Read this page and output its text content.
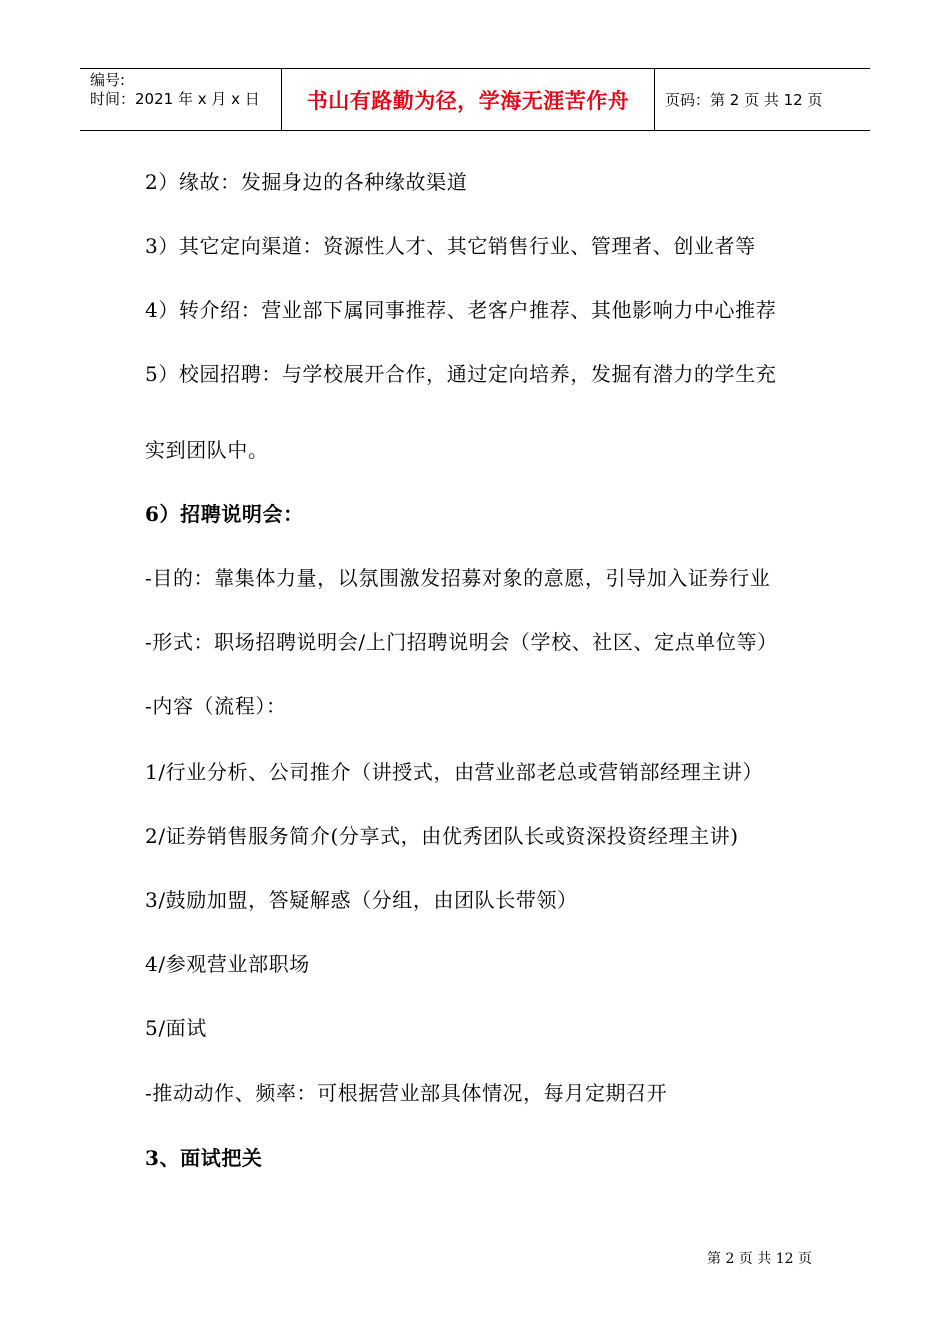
编号:
时间：2021 年 x 月 x 日	书山有路勤为径，学海无涯苦作舟	页码：第 2 页 共 12 页
2）缘故：发掘身边的各种缘故渠道
3）其它定向渠道：资源性人才、其它销售行业、管理者、创业者等
4）转介绍：营业部下属同事推荐、老客户推荐、其他影响力中心推荐
5）校园招聘：与学校展开合作，通过定向培养，发掘有潜力的学生充
实到团队中。
6）招聘说明会：
-目的：靠集体力量，以氛围激发招募对象的意愿，引导加入证券行业
-形式：职场招聘说明会/上门招聘说明会（学校、社区、定点单位等）
-内容（流程）：
1/行业分析、公司推介（讲授式，由营业部老总或营销部经理主讲）
2/证券销售服务简介(分享式，由优秀团队长或资深投资经理主讲)
3/鼓励加盟，答疑解惑（分组，由团队长带领）
4/参观营业部职场
5/面试
-推动动作、频率：可根据营业部具体情况，每月定期召开
3、面试把关
第 2 页 共 12 页
